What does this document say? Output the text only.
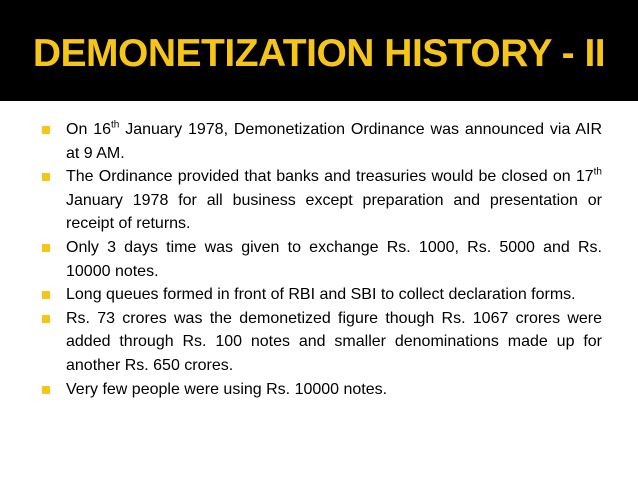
DEMONETIZATION HISTORY - II
On 16th January 1978, Demonetization Ordinance was announced via AIR at 9 AM.
The Ordinance provided that banks and treasuries would be closed on 17th January 1978 for all business except preparation and presentation or receipt of returns.
Only 3 days time was given to exchange Rs. 1000, Rs. 5000 and Rs. 10000 notes.
Long queues formed in front of RBI and SBI to collect declaration forms.
Rs. 73 crores was the demonetized figure though Rs. 1067 crores were added through Rs. 100 notes and smaller denominations made up for another Rs. 650 crores.
Very few people were using Rs. 10000 notes.
